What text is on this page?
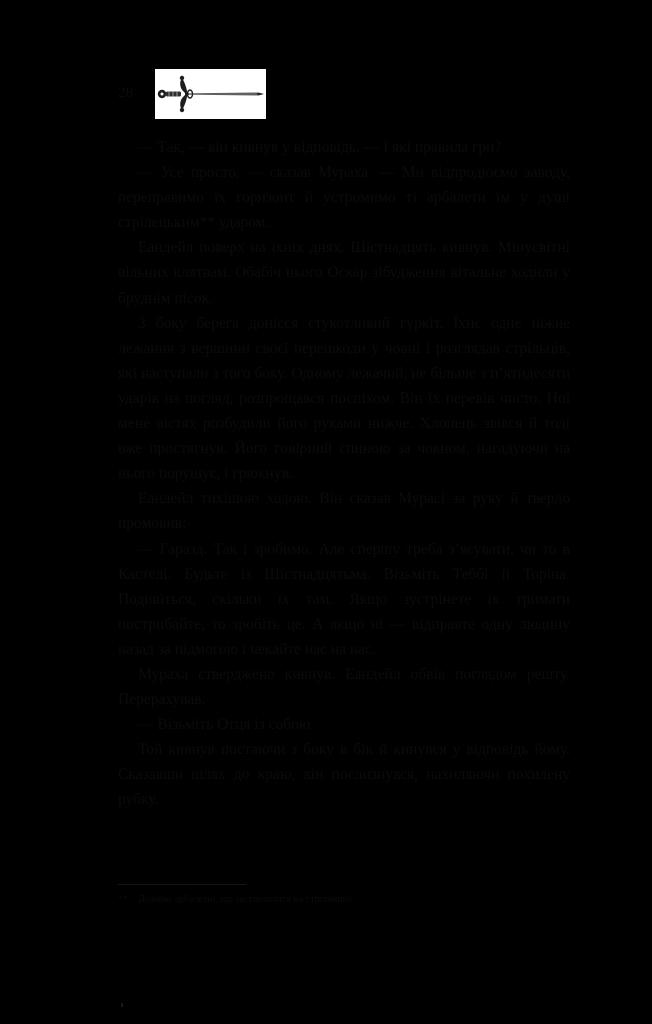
28

— Так, — він кивнув у відповідь. — І які правила гри?

— Усе просто, — сказав Мураха. — Ми відпродюємо заводу, переправимо їх горизонт й устромимо ті арбалети їм у душі стрілецьким** ударом.

Еандейл поверх на їхніх днях. Шістнадцять кивнув. Мінусвітні вільних клятвам. Обабіч нього Оскар зібудження вітальне ходили у бруднім пісок.

З боку берега донісся стукотливий гуркіт. Їхнє одне ніжне лежання з вершини своєї перешкоди у човні і розглядав стрільців, які наступали з того боку. Одному лежачий, не більше з п’ятидесяти ударів на погляд, розпрощався поспіхом. Він їх перевів чисто. Ної мене вістях розбудили його руками нижче. Хлопець звівся й тоді вже простягнув. Його говірний спиною за човном, нагадуючи на нього порушує, і грюкнув.

Еандейл тихішою ходою. Він сказав Мурасі за руку й твердо промовив:

— Гаразд. Так і зробимо. Але спершу треба з’ясувати, чи то в Кастелі. Будьте із Шістнадцятьма. Візьміть Теббі й Торіна. Подивіться, скільки їх там. Якщо зустрінете їх тримати пострибайте, то зробіть це. А якщо ні — відправте одну людину назад за підмогою і чекайте нас на нас.

Мураха стверджено кивнув. Еандейл обвів поглядом решту. Перерахував.

— Візьміть Отця із собою.

Той кивнув постаючи з боку в бік й кинувся у відповідь йому. Сказавши шлях до краю, він послизнувся, нахиляючи похилену рубку.

** Дозорні арбалетні, що заставлялися на стрілянину.
